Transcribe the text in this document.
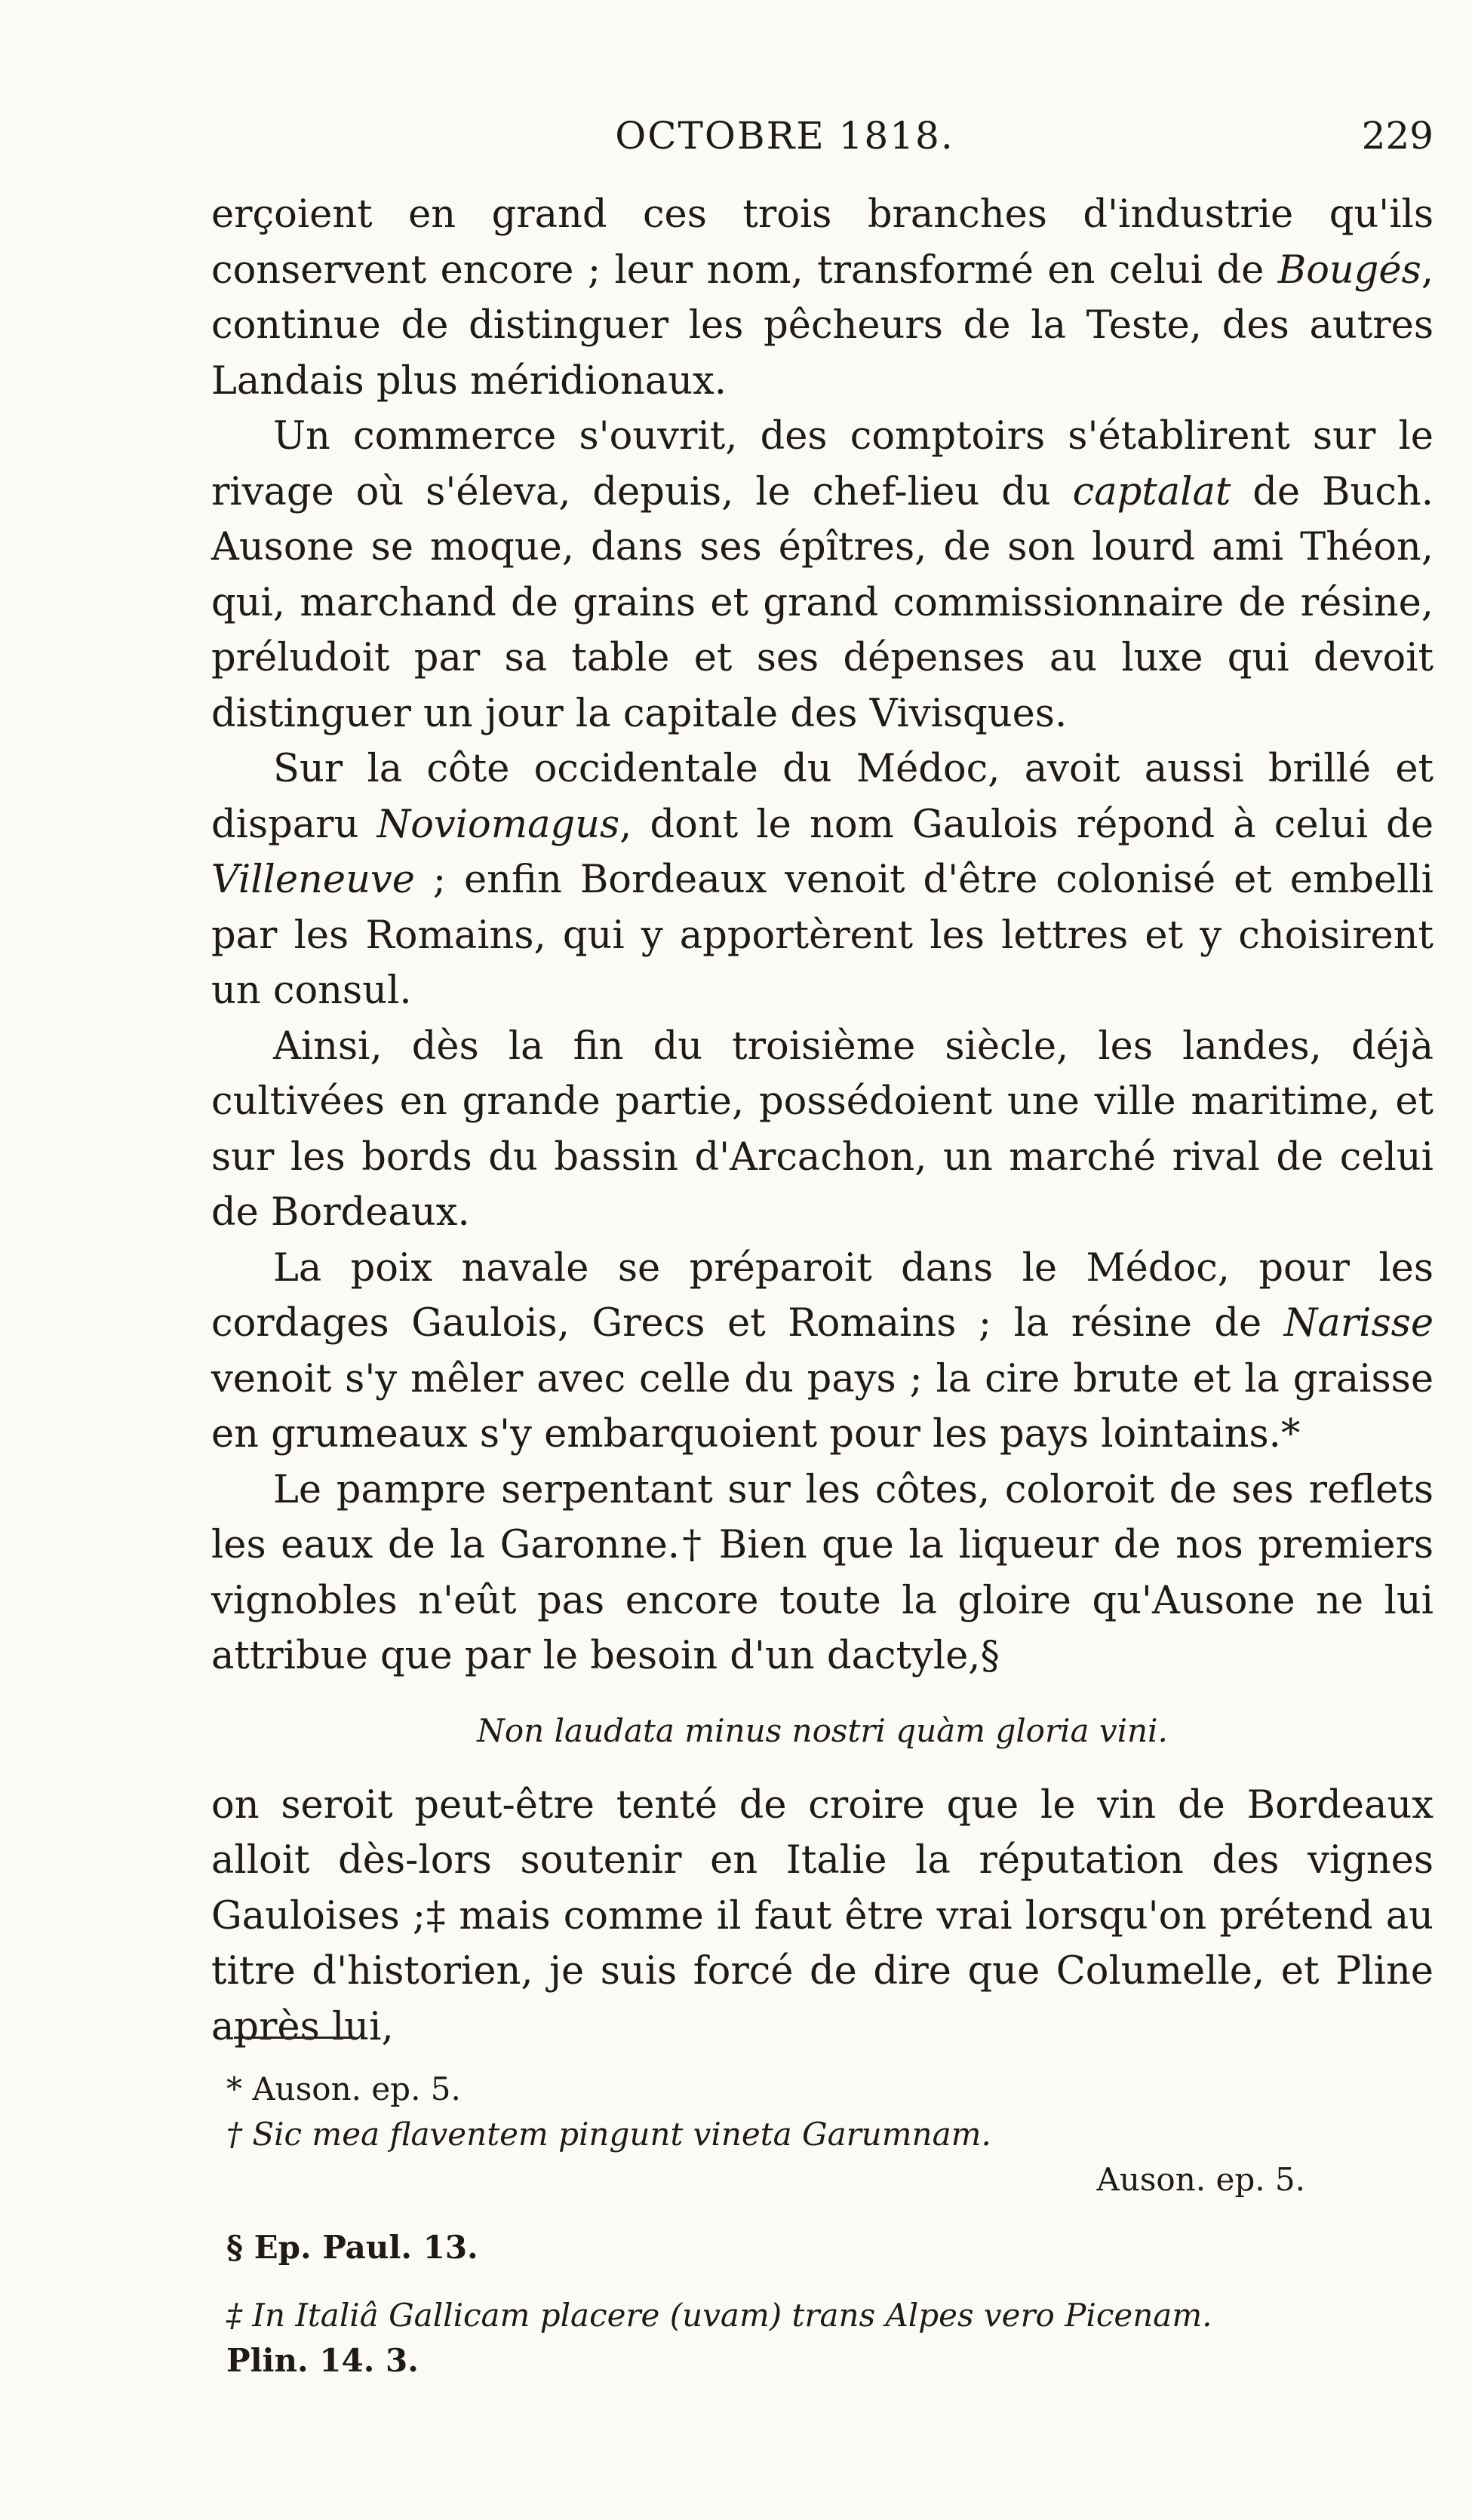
OCTOBRE 1818.	229

erçoient en grand ces trois branches d'industrie qu'ils conservent encore ; leur nom, transformé en celui de Bougés, continue de distinguer les pêcheurs de la Teste, des autres Landais plus méridionaux.

Un commerce s'ouvrit, des comptoirs s'établirent sur le rivage où s'éleva, depuis, le chef-lieu du captalat de Buch. Ausone se moque, dans ses épîtres, de son lourd ami Théon, qui, marchand de grains et grand commissionnaire de résine, préludoit par sa table et ses dépenses au luxe qui devoit distinguer un jour la capitale des Vivisques.

Sur la côte occidentale du Médoc, avoit aussi brillé et disparu Noviomagus, dont le nom Gaulois répond à celui de Villeneuve ; enfin Bordeaux venoit d'être colonisé et embelli par les Romains, qui y apportèrent les lettres et y choisirent un consul.

Ainsi, dès la fin du troisième siècle, les landes, déjà cultivées en grande partie, possédoient une ville maritime, et sur les bords du bassin d'Arcachon, un marché rival de celui de Bordeaux.

La poix navale se préparoit dans le Médoc, pour les cordages Gaulois, Grecs et Romains ; la résine de Narisse venoit s'y mêler avec celle du pays ; la cire brute et la graisse en grumeaux s'y embarquoient pour les pays lointains.*

Le pampre serpentant sur les côtes, coloroit de ses reflets les eaux de la Garonne.† Bien que la liqueur de nos premiers vignobles n'eût pas encore toute la gloire qu'Ausone ne lui attribue que par le besoin d'un dactyle,§

Non laudata minus nostri quàm gloria vini.

on seroit peut-être tenté de croire que le vin de Bordeaux alloit dès-lors soutenir en Italie la réputation des vignes Gauloises ;‡ mais comme il faut être vrai lorsqu'on prétend au titre d'historien, je suis forcé de dire que Columelle, et Pline après lui,

* Auson. ep. 5.

† Sic mea flaventem pingunt vineta Garumnam.

Auson. ep. 5.

§ Ep. Paul. 13.

‡ In Italiâ Gallicam placere (uvam) trans Alpes vero Picenam.

Plin. 14. 3.
